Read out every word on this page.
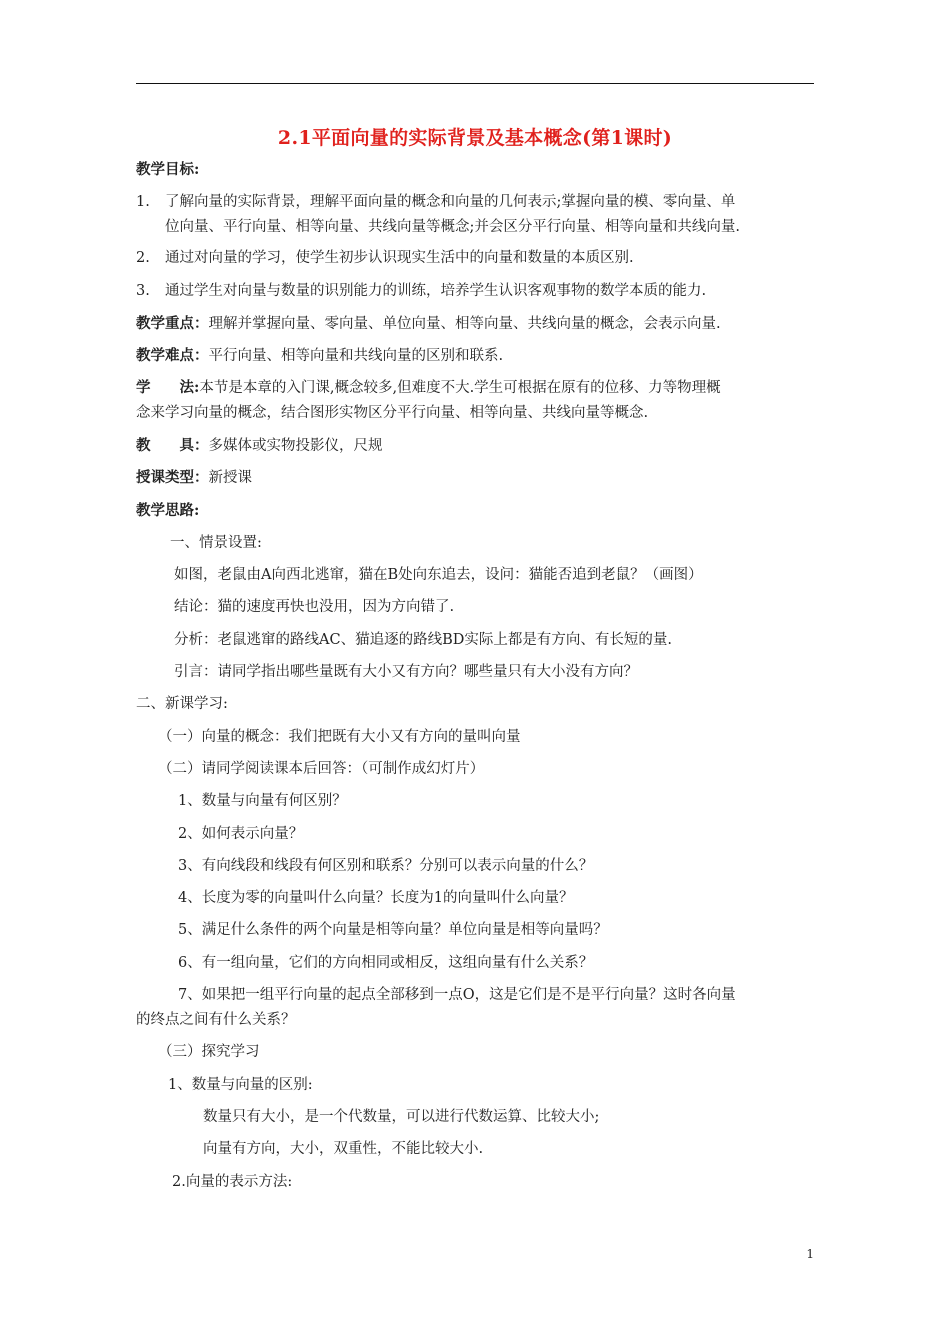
2.1平面向量的实际背景及基本概念(第1课时)
教学目标:
1. 了解向量的实际背景，理解平面向量的概念和向量的几何表示;掌握向量的模、零向量、单
位向量、平行向量、相等向量、共线向量等概念;并会区分平行向量、相等向量和共线向量.
2. 通过对向量的学习，使学生初步认识现实生活中的向量和数量的本质区别.
3. 通过学生对向量与数量的识别能力的训练，培养学生认识客观事物的数学本质的能力.
教学重点：理解并掌握向量、零向量、单位向量、相等向量、共线向量的概念，会表示向量.
教学难点：平行向量、相等向量和共线向量的区别和联系.
学　　法:本节是本章的入门课,概念较多,但难度不大.学生可根据在原有的位移、力等物理概
念来学习向量的概念，结合图形实物区分平行向量、相等向量、共线向量等概念.
教　　具：多媒体或实物投影仪，尺规
授课类型：新授课
教学思路:
一、情景设置:
如图，老鼠由A向西北逃窜，猫在B处向东追去，设问：猫能否追到老鼠？（画图）
结论：猫的速度再快也没用，因为方向错了.
分析：老鼠逃窜的路线AC、猫追逐的路线BD实际上都是有方向、有长短的量.
引言：请同学指出哪些量既有大小又有方向？哪些量只有大小没有方向？
二、新课学习:
（一）向量的概念：我们把既有大小又有方向的量叫向量
（二）请同学阅读课本后回答：（可制作成幻灯片）
1、数量与向量有何区别？
2、如何表示向量？
3、有向线段和线段有何区别和联系？分别可以表示向量的什么？
4、长度为零的向量叫什么向量？长度为1的向量叫什么向量？
5、满足什么条件的两个向量是相等向量？单位向量是相等向量吗？
6、有一组向量，它们的方向相同或相反，这组向量有什么关系？
7、如果把一组平行向量的起点全部移到一点O，这是它们是不是平行向量？这时各向量
的终点之间有什么关系？
（三）探究学习
1、数量与向量的区别:
数量只有大小，是一个代数量，可以进行代数运算、比较大小;
向量有方向，大小，双重性，不能比较大小.
2.向量的表示方法:
1
